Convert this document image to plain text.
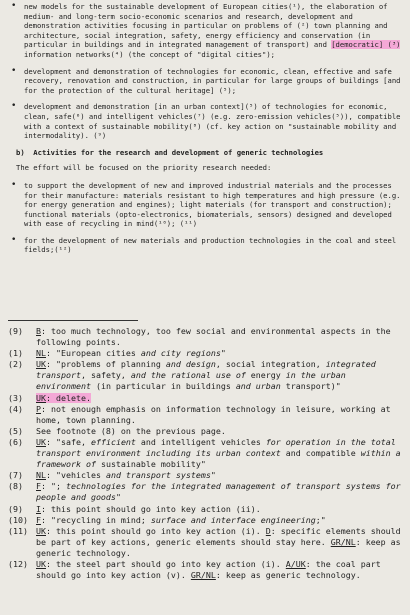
• new models for the sustainable development of European cities(¹), the elaboration of medium- and long-term socio-economic scenarios and research, development and demonstration activities focusing in particular on problems of (²) town planning and architecture, social integration, safety, energy efficiency and conservation (in particular in buildings and in integrated management of transport) and [democratic] (³) information networks(⁴) (the concept of "digital cities");
• development and demonstration of technologies for economic, clean, effective and safe recovery, renovation and construction, in particular for large groups of buildings [and for the protection of the cultural heritage] (⁵);
• development and demonstration [in an urban context](⁵) of technologies for economic, clean, safe(⁶) and intelligent vehicles(⁷) (e.g. zero-emission vehicles(⁵)), compatible with a context of sustainable mobility(⁸) (cf. key action on "sustainable mobility and intermodality). (⁹)
b)  Activities for the research and development of generic technologies
The effort will be focused on the priority research needed:
• to support the development of new and improved industrial materials and the processes for their manufacture: materials resistant to high temperatures and high pressure (e.g. for energy generation and engines); light materials (for transport and construction); functional materials (opto-electronics, biomaterials, sensors) designed and developed with ease of recycling in mind(¹⁰); (¹¹)
• for the development of new materials and production technologies in the coal and steel fields;(¹²)
(9)	B: too much technology, too few social and environmental aspects in the following points.
(1)	NL: "European cities and city regions"
(2)	UK: "problems of planning and design, social integration, integrated transport, safety, and the rational use of energy in the urban environment (in particular in buildings and urban transport)"
(3)	UK: delete.
(4)	P: not enough emphasis on information technology in leisure, working at home, town planning.
(5)	See footnote (8) on the previous page.
(6)	UK: "safe, efficient and intelligent vehicles for operation in the total transport environment including its urban context and compatible within a framework of sustainable mobility"
(7)	NL: "vehicles and transport systems"
(8)	F: "; technologies for the integrated management of transport systems for people and goods"
(9)	I: this point should go into key action (ii).
(10) F: "recycling in mind; surface and interface engineering;"
(11) UK: this point should go into key action (i). D: specific elements should be part of key actions, generic elements should stay here. GR/NL: keep as generic technology.
(12) UK: the steel part should go into key action (i). A/UK: the coal part should go into key action (v). GR/NL: keep as generic technology.
